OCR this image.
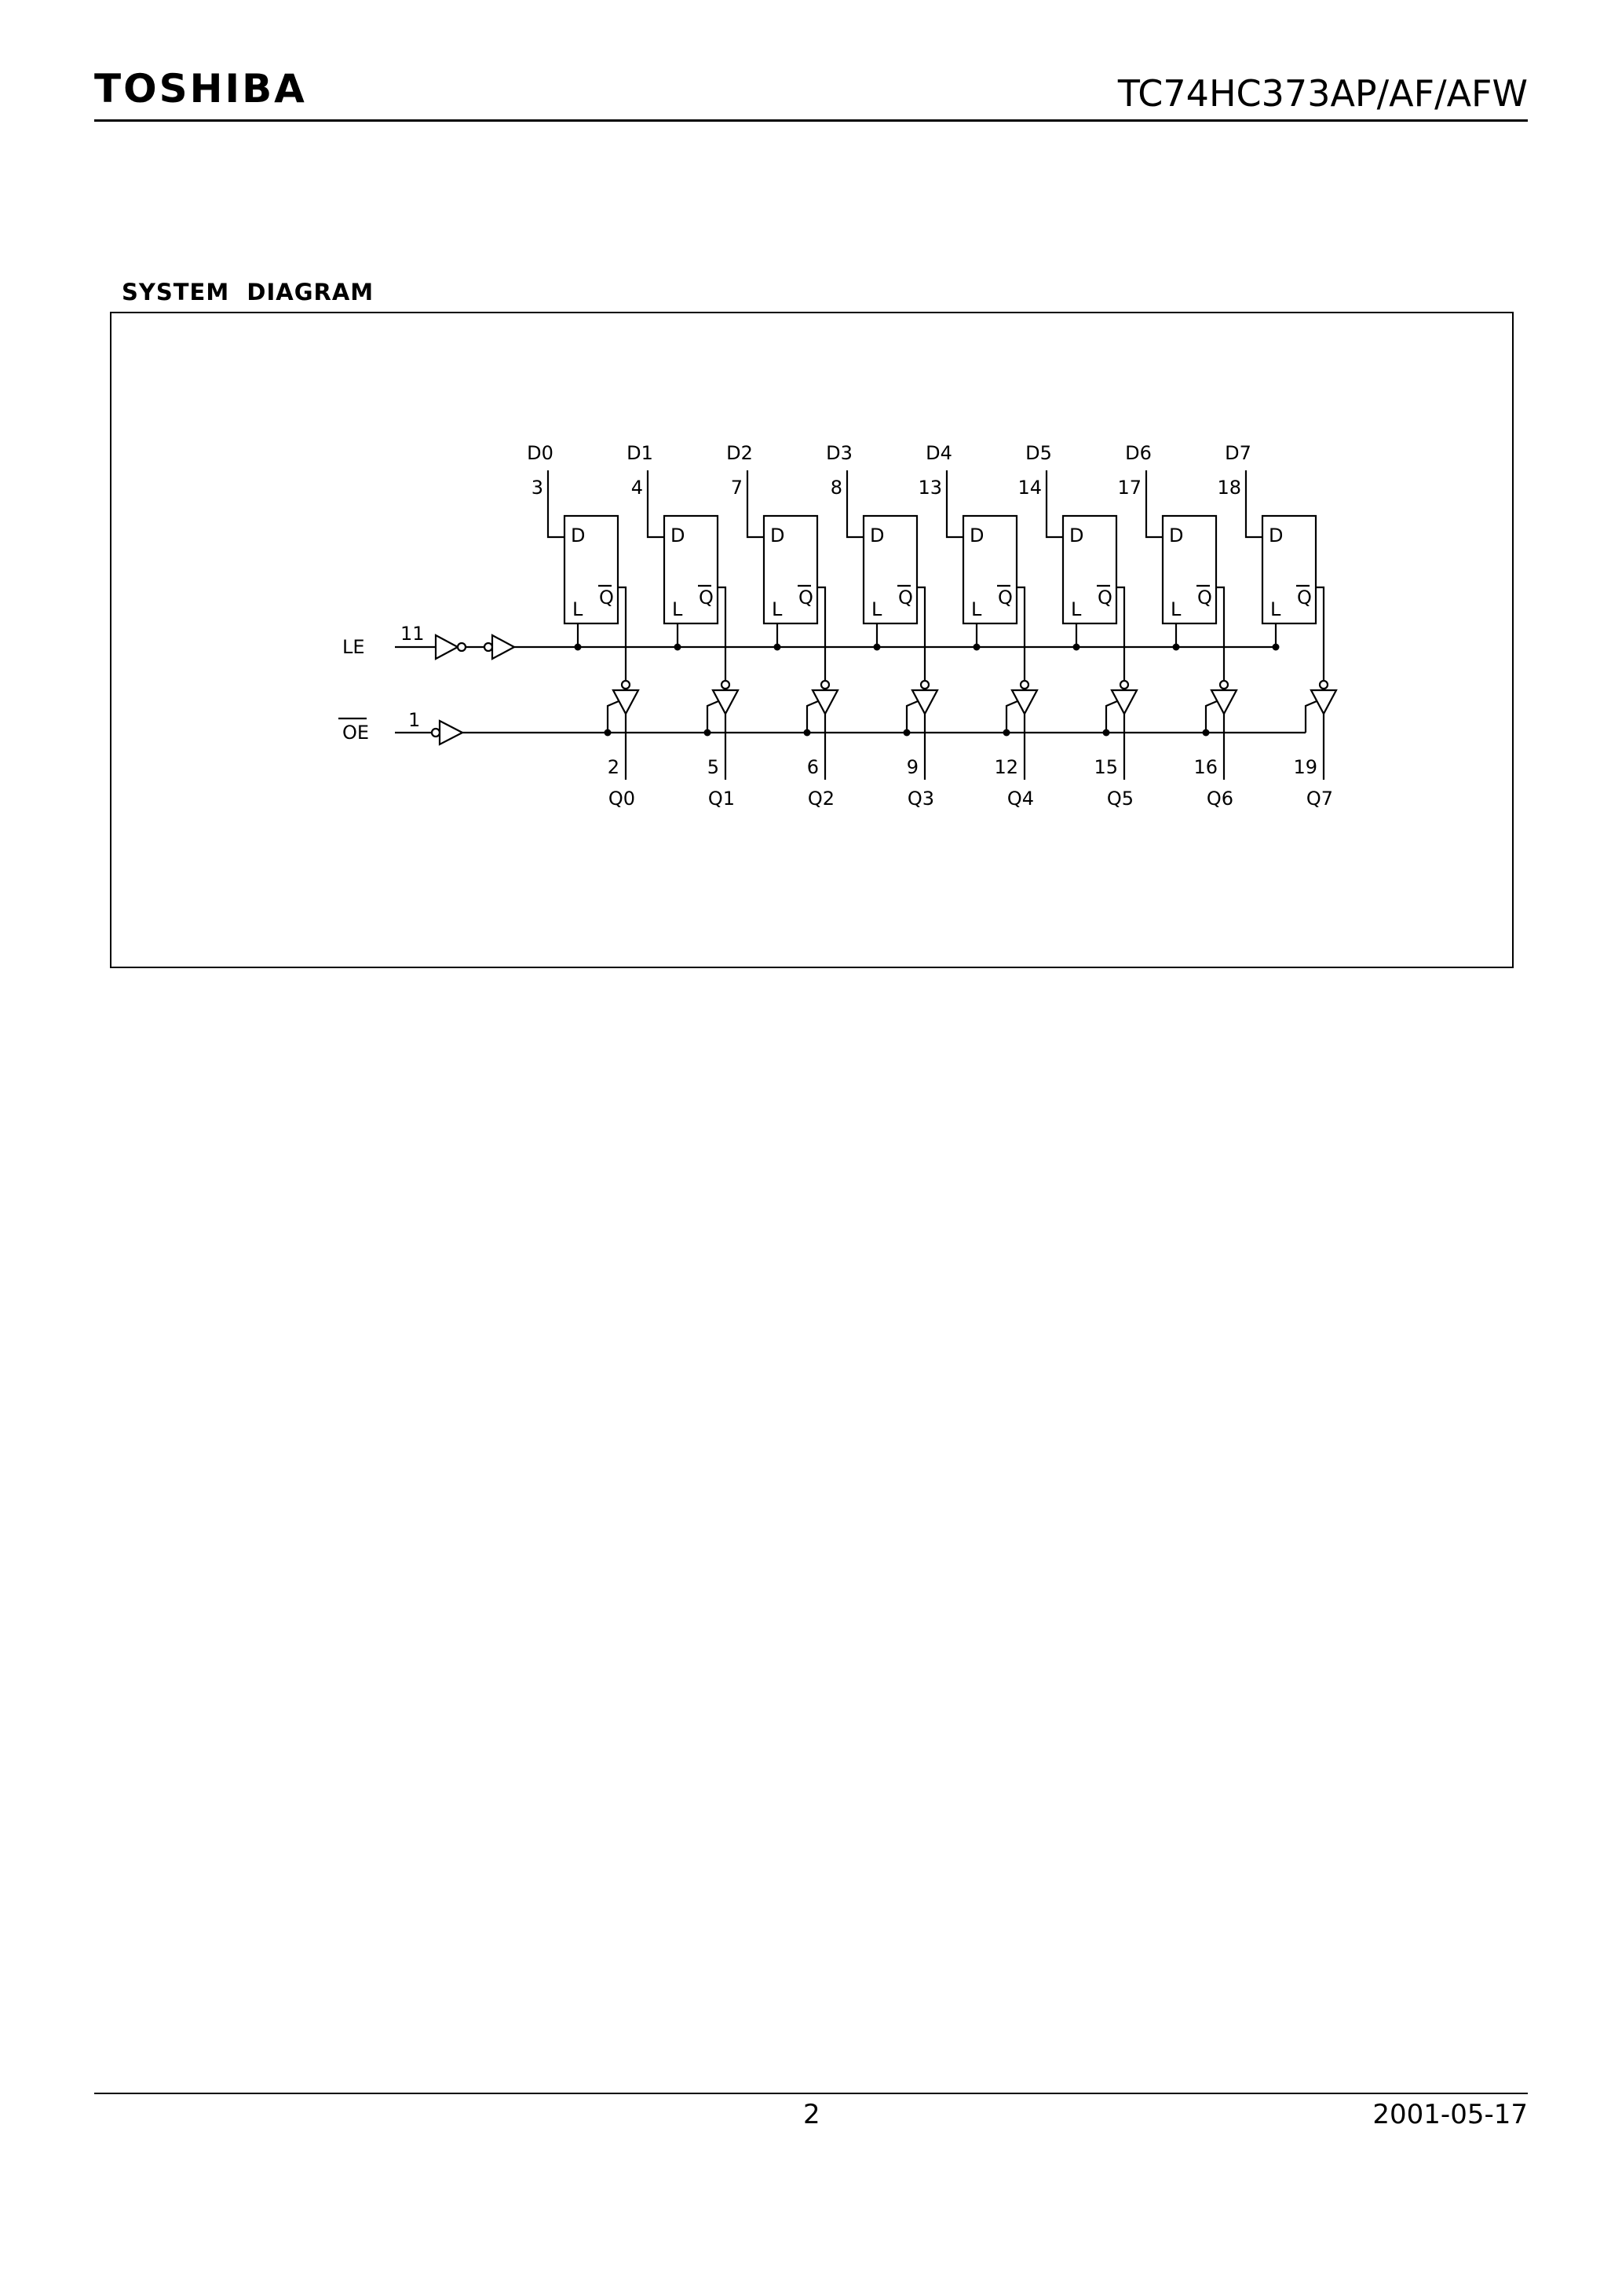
TOSHIBA	TC74HC373AP/AF/AFW
SYSTEM  DIAGRAM
LE
11
OE
1
D
L
Q
D0
3
2
Q0
D
L
Q
D1
4
5
Q1
D
L
Q
D2
7
6
Q2
D
L
Q
D3
8
9
Q3
D
L
Q
D4
13
12
Q4
D
L
Q
D5
14
15
Q5
D
L
Q
D6
17
16
Q6
D
L
Q
D7
18
19
Q7
2	2001-05-17
